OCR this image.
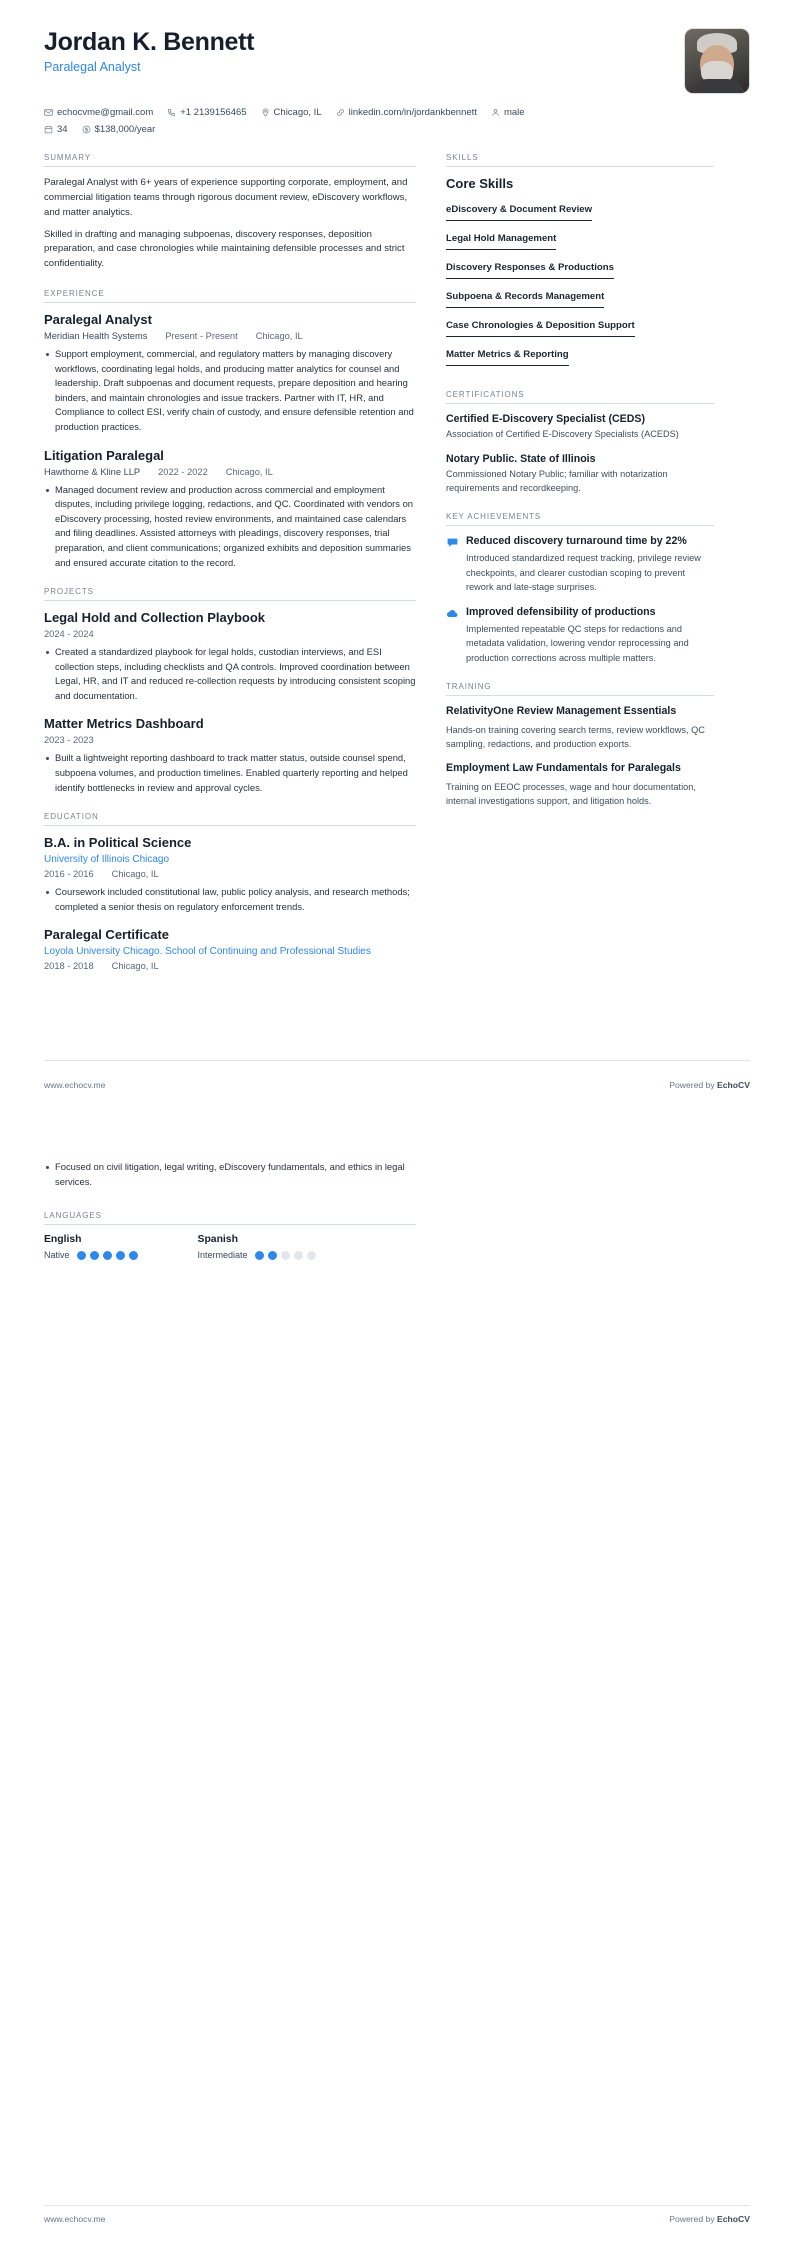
Jordan K. Bennett
Paralegal Analyst
echocvme@gmail.com	+1 2139156465	Chicago, IL	linkedin.com/in/jordankbennett	male
34	$138,000/year
SUMMARY
Paralegal Analyst with 6+ years of experience supporting corporate, employment, and commercial litigation teams through rigorous document review, eDiscovery workflows, and matter analytics.
Skilled in drafting and managing subpoenas, discovery responses, deposition preparation, and case chronologies while maintaining defensible processes and strict confidentiality.
EXPERIENCE
Paralegal Analyst
Meridian Health Systems Present - Present Chicago, IL
Support employment, commercial, and regulatory matters by managing discovery workflows, coordinating legal holds, and producing matter analytics for counsel and leadership. Draft subpoenas and document requests, prepare deposition and hearing binders, and maintain chronologies and issue trackers. Partner with IT, HR, and Compliance to collect ESI, verify chain of custody, and ensure defensible retention and production practices.
Litigation Paralegal
Hawthorne & Kline LLP 2022 - 2022 Chicago, IL
Managed document review and production across commercial and employment disputes, including privilege logging, redactions, and QC. Coordinated with vendors on eDiscovery processing, hosted review environments, and maintained case calendars and filing deadlines. Assisted attorneys with pleadings, discovery responses, trial preparation, and client communications; organized exhibits and deposition summaries and ensured accurate citation to the record.
PROJECTS
Legal Hold and Collection Playbook
2024 - 2024
Created a standardized playbook for legal holds, custodian interviews, and ESI collection steps, including checklists and QA controls. Improved coordination between Legal, HR, and IT and reduced re-collection requests by introducing consistent scoping and documentation.
Matter Metrics Dashboard
2023 - 2023
Built a lightweight reporting dashboard to track matter status, outside counsel spend, subpoena volumes, and production timelines. Enabled quarterly reporting and helped identify bottlenecks in review and approval cycles.
EDUCATION
B.A. in Political Science
University of Illinois Chicago
2016 - 2016 Chicago, IL
Coursework included constitutional law, public policy analysis, and research methods; completed a senior thesis on regulatory enforcement trends.
Paralegal Certificate
Loyola University Chicago. School of Continuing and Professional Studies
2018 - 2018 Chicago, IL
SKILLS
Core Skills
eDiscovery & Document Review
Legal Hold Management
Discovery Responses & Productions
Subpoena & Records Management
Case Chronologies & Deposition Support
Matter Metrics & Reporting
CERTIFICATIONS
Certified E-Discovery Specialist (CEDS)
Association of Certified E-Discovery Specialists (ACEDS)
Notary Public. State of Illinois
Commissioned Notary Public; familiar with notarization requirements and recordkeeping.
KEY ACHIEVEMENTS
Reduced discovery turnaround time by 22%
Introduced standardized request tracking, privilege review checkpoints, and clearer custodian scoping to prevent rework and late-stage surprises.
Improved defensibility of productions
Implemented repeatable QC steps for redactions and metadata validation, lowering vendor reprocessing and production corrections across multiple matters.
TRAINING
RelativityOne Review Management Essentials
Hands-on training covering search terms, review workflows, QC sampling, redactions, and production exports.
Employment Law Fundamentals for Paralegals
Training on EEOC processes, wage and hour documentation, internal investigations support, and litigation holds.
www.echocv.me	Powered by EchoCV
Focused on civil litigation, legal writing, eDiscovery fundamentals, and ethics in legal services.
LANGUAGES
English
Native
Spanish
Intermediate
www.echocv.me	Powered by EchoCV
